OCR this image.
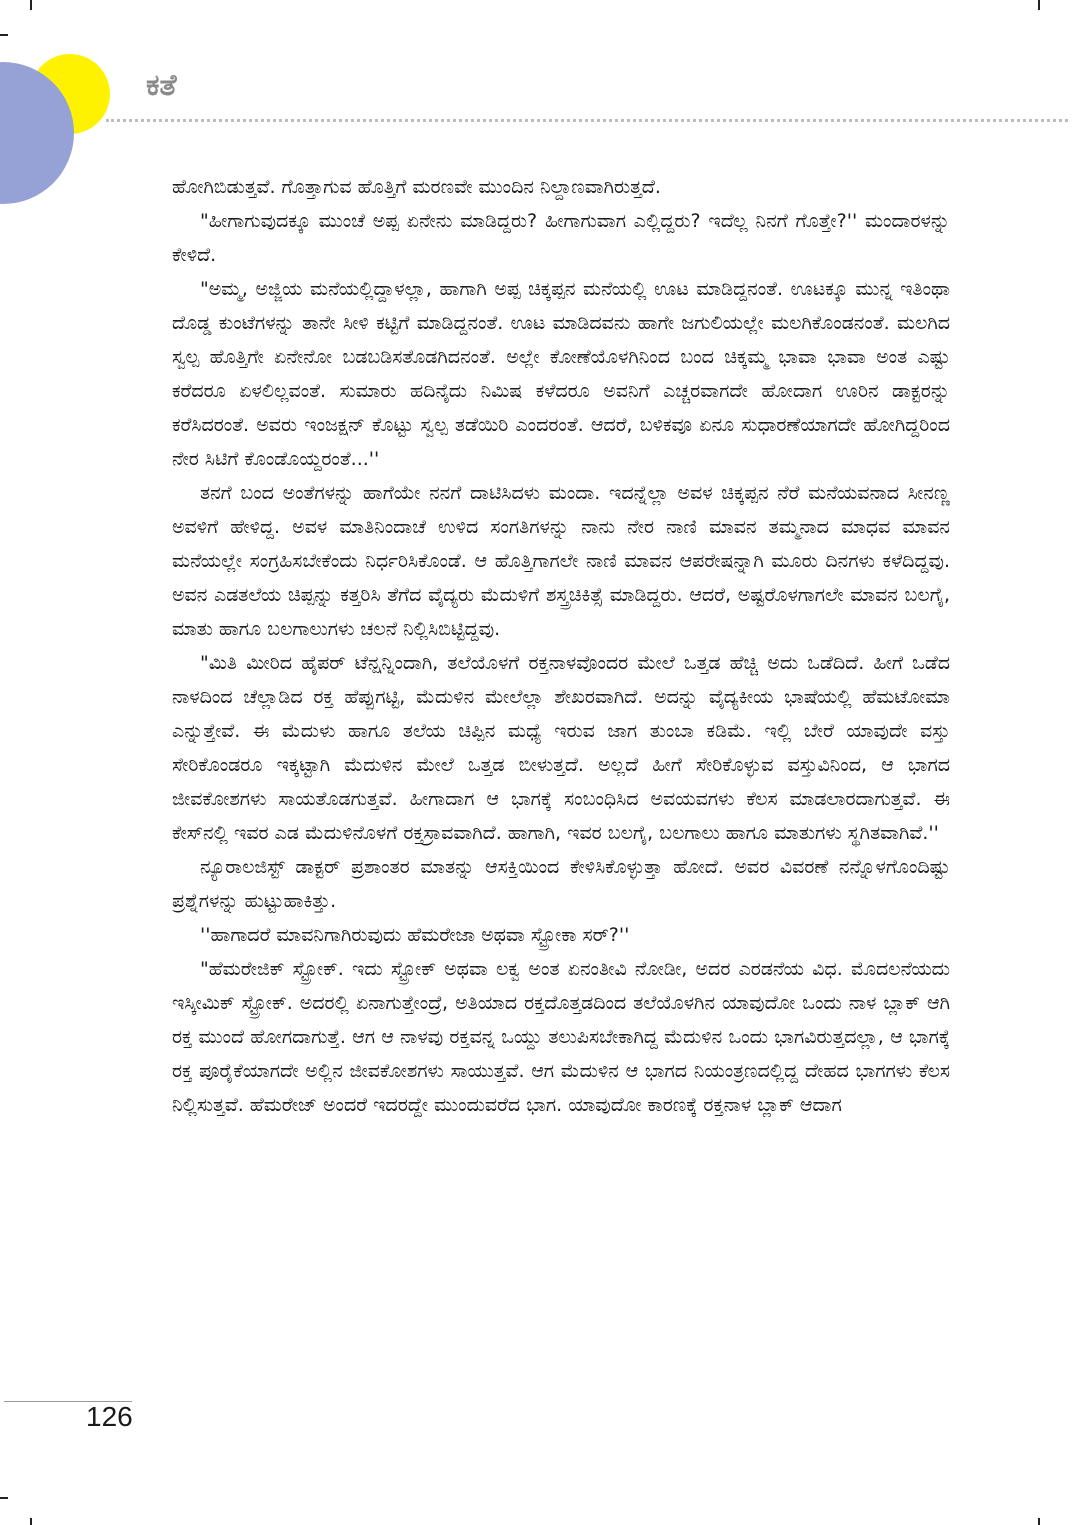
ಕತೆ

ಹೋಗಿಬಿಡುತ್ತವೆ. ಗೊತ್ತಾಗುವ ಹೊತ್ತಿಗೆ ಮರಣವೇ ಮುಂದಿನ ನಿಲ್ದಾಣವಾಗಿರುತ್ತದೆ.

"ಹೀಗಾಗುವುದಕ್ಕೂ ಮುಂಚೆ ಅಪ್ಪ ಏನೇನು ಮಾಡಿದ್ದರು? ಹೀಗಾಗುವಾಗ ಎಲ್ಲಿದ್ದರು? ಇದೆಲ್ಲ ನಿನಗೆ ಗೊತ್ತೇ?'' ಮಂದಾರಳನ್ನು ಕೇಳಿದೆ.

"ಅಮ್ಮ, ಅಜ್ಜಿಯ ಮನೆಯಲ್ಲಿದ್ದಾಳಲ್ಲಾ, ಹಾಗಾಗಿ ಅಪ್ಪ ಚಿಕ್ಕಪ್ಪನ ಮನೆಯಲ್ಲಿ ಊಟ ಮಾಡಿದ್ದನಂತೆ. ಊಟಕ್ಕೂ ಮುನ್ನ ಇತಿಂಥಾ ದೊಡ್ಡ ಕುಂಟೆಗಳನ್ನು ತಾನೇ ಸೀಳಿ ಕಟ್ಟಿಗೆ ಮಾಡಿದ್ದನಂತೆ. ಊಟ ಮಾಡಿದವನು ಹಾಗೇ ಜಗುಲಿಯಲ್ಲೇ ಮಲಗಿಕೊಂಡನಂತೆ. ಮಲಗಿದ ಸ್ವಲ್ಪ ಹೊತ್ತಿಗೇ ಏನೇನೋ ಬಡಬಡಿಸತೊಡಗಿದನಂತೆ. ಅಲ್ಲೇ ಕೋಣೆಯೊಳಗಿನಿಂದ ಬಂದ ಚಿಕ್ಕಮ್ಮ ಭಾವಾ ಭಾವಾ ಅಂತ ಎಷ್ಟು ಕರೆದರೂ ಏಳಲಿಲ್ಲವಂತೆ. ಸುಮಾರು ಹದಿನೈದು ನಿಮಿಷ ಕಳೆದರೂ ಅವನಿಗೆ ಎಚ್ಚರವಾಗದೇ ಹೋದಾಗ ಊರಿನ ಡಾಕ್ಟರನ್ನು ಕರೆಸಿದರಂತೆ. ಅವರು ಇಂಜಕ್ಷನ್ ಕೊಟ್ಟು ಸ್ವಲ್ಪ ತಡೆಯಿರಿ ಎಂದರಂತೆ. ಆದರೆ, ಬಳಿಕವೂ ಏನೂ ಸುಧಾರಣೆಯಾಗದೇ ಹೋಗಿದ್ದರಿಂದ ನೇರ ಸಿಟಿಗೆ ಕೊಂಡೊಯ್ದರಂತೆ...''

ತನಗೆ ಬಂದ ಅಂತೆಗಳನ್ನು ಹಾಗೆಯೇ ನನಗೆ ದಾಟಿಸಿದಳು ಮಂದಾ. ಇದನ್ನೆಲ್ಲಾ ಅವಳ ಚಿಕ್ಕಪ್ಪನ ನೆರೆ ಮನೆಯವನಾದ ಸೀನಣ್ಣ ಅವಳಿಗೆ ಹೇಳಿದ್ದ. ಅವಳ ಮಾತಿನಿಂದಾಚೆ ಉಳಿದ ಸಂಗತಿಗಳನ್ನು ನಾನು ನೇರ ನಾಣಿ ಮಾವನ ತಮ್ಮನಾದ ಮಾಧವ ಮಾವನ ಮನೆಯಲ್ಲೇ ಸಂಗ್ರಹಿಸಬೇಕೆಂದು ನಿರ್ಧರಿಸಿಕೊಂಡೆ. ಆ ಹೊತ್ತಿಗಾಗಲೇ ನಾಣಿ ಮಾವನ ಆಪರೇಷನ್ನಾಗಿ ಮೂರು ದಿನಗಳು ಕಳೆದಿದ್ದವು. ಅವನ ಎಡತಲೆಯ ಚಿಪ್ಪನ್ನು ಕತ್ತರಿಸಿ ತೆಗೆದ ವೈದ್ಯರು ಮೆದುಳಿಗೆ ಶಸ್ತ್ರಚಿಕಿತ್ಸೆ ಮಾಡಿದ್ದರು. ಆದರೆ, ಅಷ್ಟರೊಳಗಾಗಲೇ ಮಾವನ ಬಲಗೈ, ಮಾತು ಹಾಗೂ ಬಲಗಾಲುಗಳು ಚಲನೆ ನಿಲ್ಲಿಸಿಬಿಟ್ಟಿದ್ದವು.

"ಮಿತಿ ಮೀರಿದ ಹೈಪರ್ ಟೆನ್ಷನ್ನಿಂದಾಗಿ, ತಲೆಯೊಳಗೆ ರಕ್ತನಾಳವೊಂದರ ಮೇಲೆ ಒತ್ತಡ ಹೆಚ್ಚಿ ಅದು ಒಡೆದಿದೆ. ಹೀಗೆ ಒಡೆದ ನಾಳದಿಂದ ಚೆಲ್ಲಾಡಿದ ರಕ್ತ ಹೆಪ್ಪುಗಟ್ಟಿ, ಮೆದುಳಿನ ಮೇಲೆಲ್ಲಾ ಶೇಖರವಾಗಿದೆ. ಅದನ್ನು ವೈದ್ಯಕೀಯ ಭಾಷೆಯಲ್ಲಿ ಹೆಮಟೋಮಾ ಎನ್ನುತ್ತೇವೆ. ಈ ಮೆದುಳು ಹಾಗೂ ತಲೆಯ ಚಿಪ್ಪಿನ ಮಧ್ಯೆ ಇರುವ ಜಾಗ ತುಂಬಾ ಕಡಿಮೆ. ಇಲ್ಲಿ ಬೇರೆ ಯಾವುದೇ ವಸ್ತು ಸೇರಿಕೊಂಡರೂ ಇಕ್ಕಟ್ಟಾಗಿ ಮೆದುಳಿನ ಮೇಲೆ ಒತ್ತಡ ಬೀಳುತ್ತದೆ. ಅಲ್ಲದೆ ಹೀಗೆ ಸೇರಿಕೊಳ್ಳುವ ವಸ್ತುವಿನಿಂದ, ಆ ಭಾಗದ ಜೀವಕೋಶಗಳು ಸಾಯತೊಡಗುತ್ತವೆ. ಹೀಗಾದಾಗ ಆ ಭಾಗಕ್ಕೆ ಸಂಬಂಧಿಸಿದ ಅವಯವಗಳು ಕೆಲಸ ಮಾಡಲಾರದಾಗುತ್ತವೆ. ಈ ಕೇಸ್‌ನಲ್ಲಿ ಇವರ ಎಡ ಮೆದುಳಿನೊಳಗೆ ರಕ್ತಸ್ರಾವವಾಗಿದೆ. ಹಾಗಾಗಿ, ಇವರ ಬಲಗೈ, ಬಲಗಾಲು ಹಾಗೂ ಮಾತುಗಳು ಸ್ಥಗಿತವಾಗಿವೆ.''

ನ್ಯೂರಾಲಜಿಸ್ಟ್ ಡಾಕ್ಟರ್ ಪ್ರಶಾಂತರ ಮಾತನ್ನು ಆಸಕ್ತಿಯಿಂದ ಕೇಳಿಸಿಕೊಳ್ಳುತ್ತಾ ಹೋದೆ. ಅವರ ವಿವರಣೆ ನನ್ನೊಳಗೊಂದಿಷ್ಟು ಪ್ರಶ್ನೆಗಳನ್ನು ಹುಟ್ಟುಹಾಕಿತ್ತು.

''ಹಾಗಾದರೆ ಮಾವನಿಗಾಗಿರುವುದು ಹೆಮರೇಜಾ ಅಥವಾ ಸ್ಟ್ರೋಕಾ ಸರ್?''

"ಹೆಮರೇಜಿಕ್ ಸ್ಟ್ರೋಕ್. ಇದು ಸ್ಟ್ರೋಕ್ ಅಥವಾ ಲಕ್ವ ಅಂತ ಏನಂತೀವಿ ನೋಡೀ, ಅದರ ಎರಡನೆಯ ವಿಧ. ಮೊದಲನೆಯದು ಇಸ್ಕೀಮಿಕ್ ಸ್ಟ್ರೋಕ್. ಅದರಲ್ಲಿ ಏನಾಗುತ್ತೇಂದ್ರೆ, ಅತಿಯಾದ ರಕ್ತದೊತ್ತಡದಿಂದ ತಲೆಯೊಳಗಿನ ಯಾವುದೋ ಒಂದು ನಾಳ ಬ್ಲಾಕ್ ಆಗಿ ರಕ್ತ ಮುಂದೆ ಹೋಗದಾಗುತ್ತೆ. ಆಗ ಆ ನಾಳವು ರಕ್ತವನ್ನ ಒಯ್ದು ತಲುಪಿಸಬೇಕಾಗಿದ್ದ ಮೆದುಳಿನ ಒಂದು ಭಾಗವಿರುತ್ತದಲ್ಲಾ, ಆ ಭಾಗಕ್ಕೆ ರಕ್ತ ಪೂರೈಕೆಯಾಗದೇ ಅಲ್ಲಿನ ಜೀವಕೋಶಗಳು ಸಾಯುತ್ತವೆ. ಆಗ ಮೆದುಳಿನ ಆ ಭಾಗದ ನಿಯಂತ್ರಣದಲ್ಲಿದ್ದ ದೇಹದ ಭಾಗಗಳು ಕೆಲಸ ನಿಲ್ಲಿಸುತ್ತವೆ. ಹೆಮರೇಜ್ ಅಂದರೆ ಇದರದ್ದೇ ಮುಂದುವರೆದ ಭಾಗ. ಯಾವುದೋ ಕಾರಣಕ್ಕೆ ರಕ್ತನಾಳ ಬ್ಲಾಕ್ ಆದಾಗ

126
